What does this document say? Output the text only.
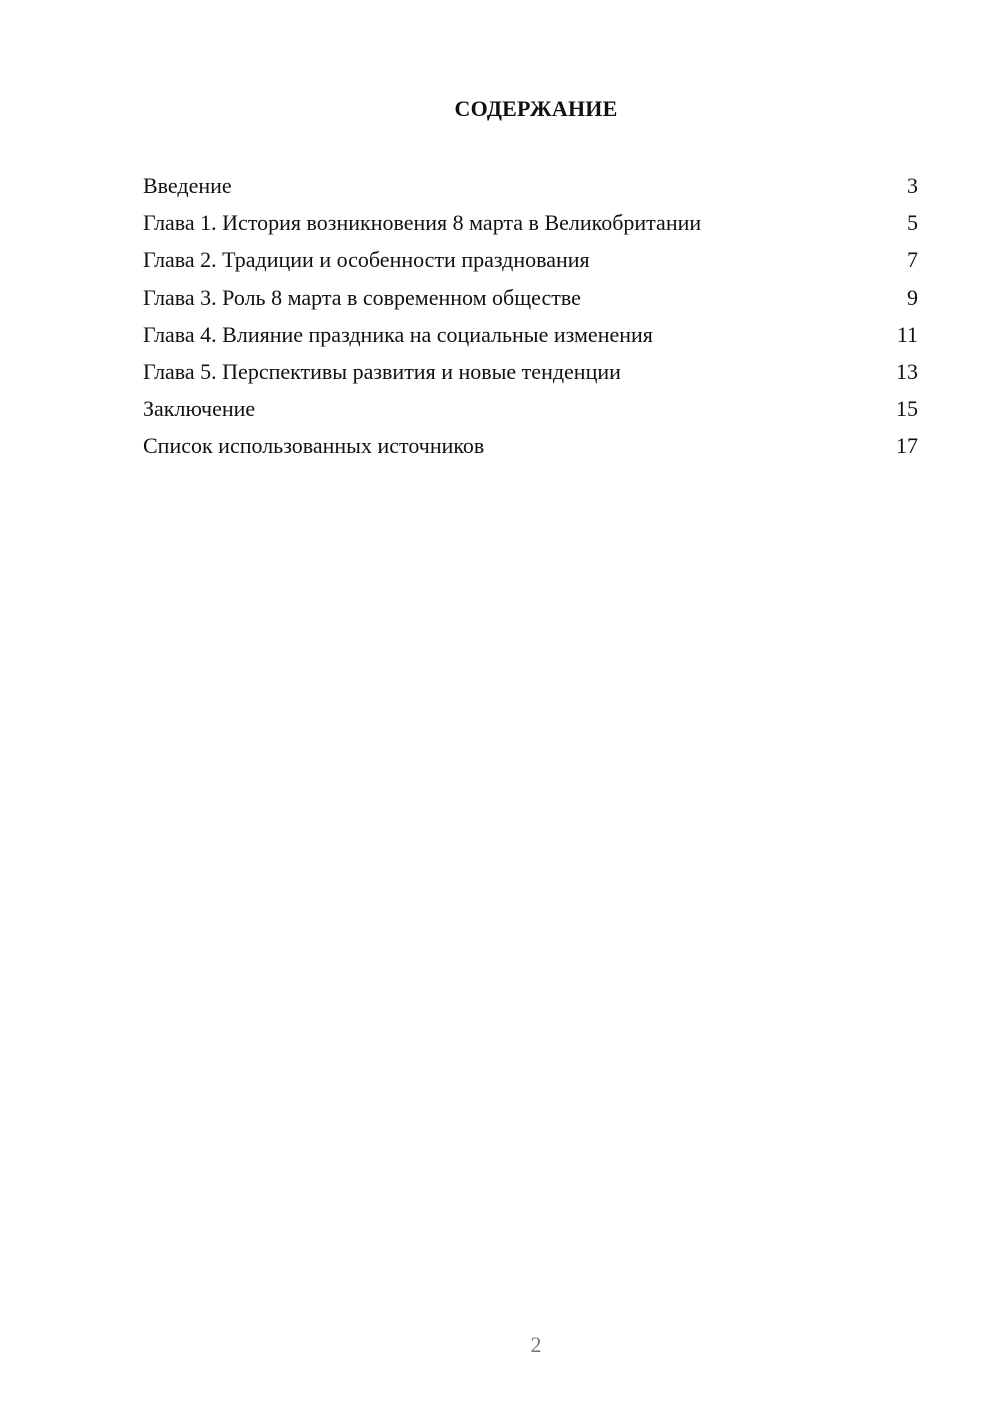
СОДЕРЖАНИЕ
Введение	3
Глава 1. История возникновения 8 марта в Великобритании	5
Глава 2. Традиции и особенности празднования	7
Глава 3. Роль 8 марта в современном обществе	9
Глава 4. Влияние праздника на социальные изменения	11
Глава 5. Перспективы развития и новые тенденции	13
Заключение	15
Список использованных источников	17
2
